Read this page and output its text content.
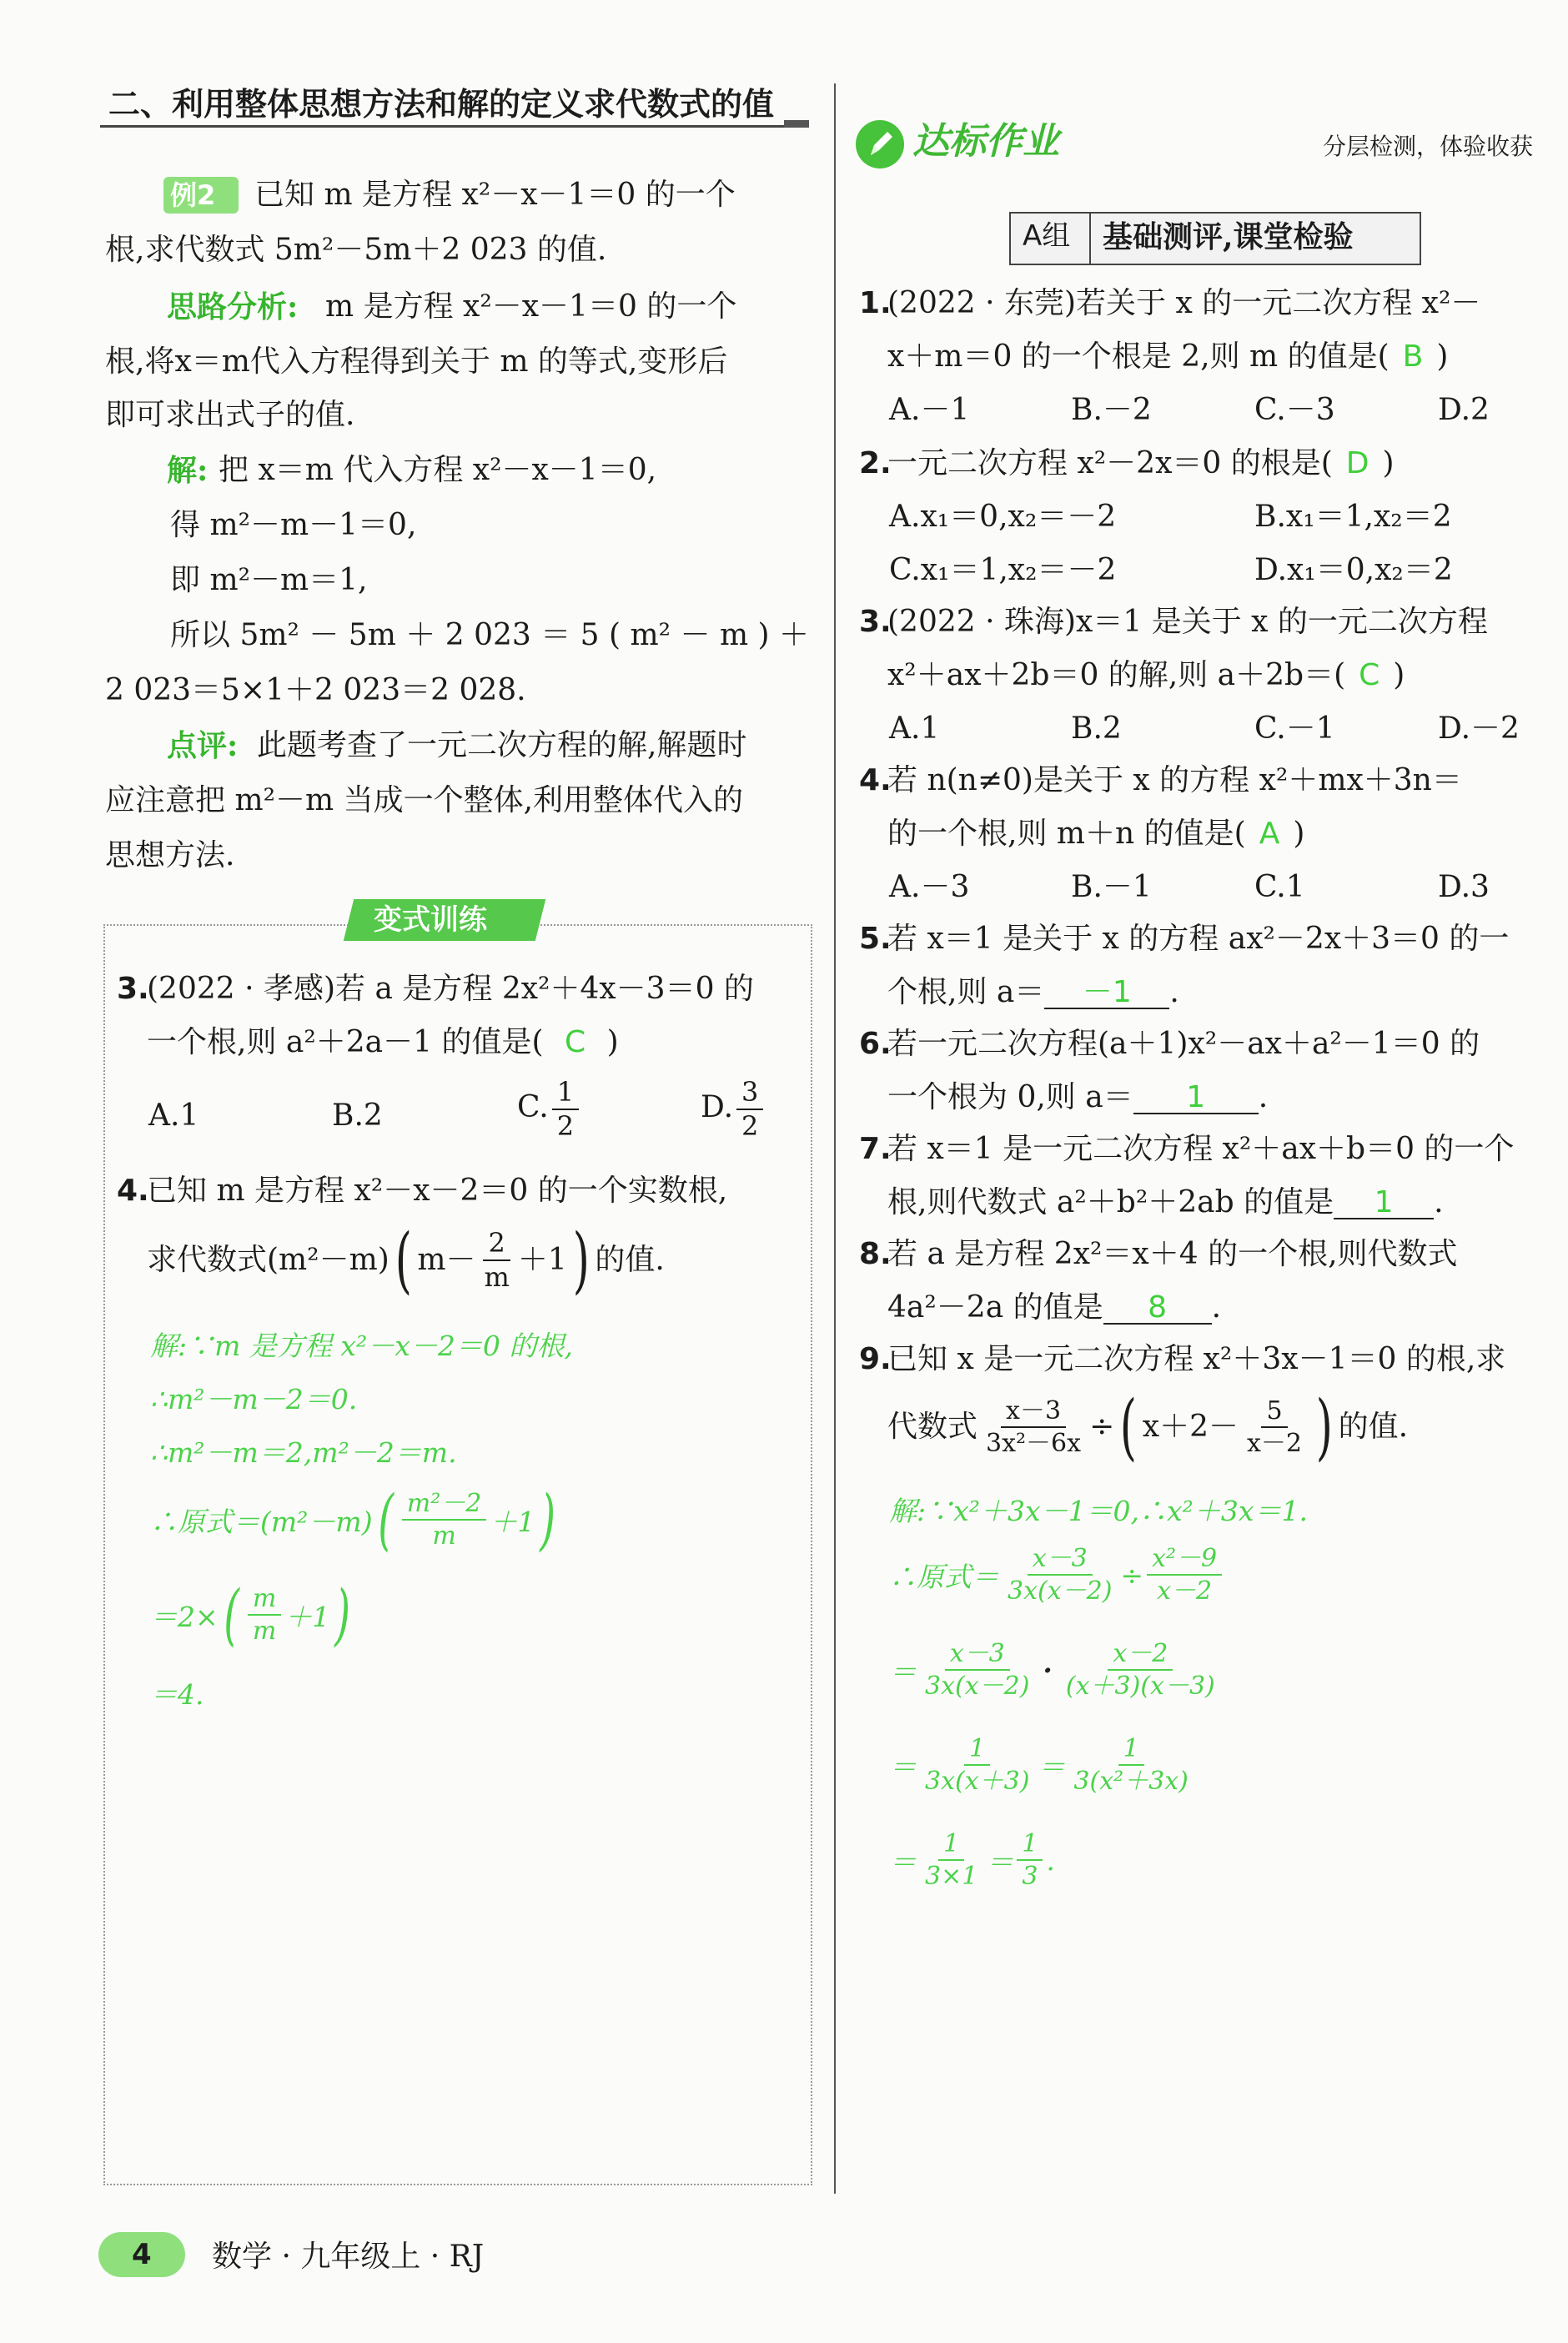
二、利用整体思想方法和解的定义求代数式的值
例2 已知 m 是方程 x²－x－1＝0 的一个
根,求代数式 5m²－5m＋2 023 的值.
思路分析: m 是方程 x²－x－1＝0 的一个
根,将x＝m代入方程得到关于 m 的等式,变形后
即可求出式子的值.
解: 把 x＝m 代入方程 x²－x－1＝0,
得 m²－m－1＝0,
即 m²－m＝1,
所以 5m² － 5m ＋ 2 023 ＝ 5 ( m² － m ) ＋
2 023＝5×1＋2 023＝2 028.
点评: 此题考查了一元二次方程的解,解题时
应注意把 m²－m 当成一个整体,利用整体代入的
思想方法.
变式训练
3.
(2022 · 孝感)若 a 是方程 2x²＋4x－3＝0 的
一个根,则 a²＋2a－1 的值是( C )
A.1	B.2	C. $\frac{1}{2}$	D. $\frac{3}{2}$
4.
已知 m 是方程 x²－x－2＝0 的一个实数根,
求代数式(m²－m) ( $m- \frac{2}{m} +1$ ) 的值.
解:∵m 是方程 x²－x－2＝0 的根,
∴m²－m－2＝0.
∴m²－m＝2,m²－2＝m.
∴原式＝(m²－m) ( $\frac{\text{m²－2}}{m} +1$ )
＝2× ( $\frac{m}{m} +1$ )
＝4.
4 数学 · 九年级上 · RJ
达标作业	分层检测，体验收获
A组 基础测评,课堂检验
1.
(2022 · 东莞)若关于 x 的一元二次方程 x²－
x＋m＝0 的一个根是 2,则 m 的值是( B )
A.－1	B.－2	C.－3	D.2
2.
一元二次方程 x²－2x＝0 的根是( D )
A.x₁＝0,x₂＝－2	B.x₁＝1,x₂＝2
C.x₁＝1,x₂＝－2	D.x₁＝0,x₂＝2
3.
(2022 · 珠海)x＝1 是关于 x 的一元二次方程
x²＋ax＋2b＝0 的解,则 a＋2b＝( C )
A.1	B.2	C.－1	D.－2
4.
若 n(n≠0)是关于 x 的方程 x²＋mx＋3n＝
的一个根,则 m＋n 的值是( A )
A.－3	B.－1	C.1	D.3
5.
若 x＝1 是关于 x 的方程 ax²－2x＋3＝0 的一
个根,则 a＝ －1 .
6.
若一元二次方程(a＋1)x²－ax＋a²－1＝0 的
一个根为 0,则 a＝ 1 .
7.
若 x＝1 是一元二次方程 x²＋ax＋b＝0 的一个
根,则代数式 a²＋b²＋2ab 的值是 1 .
8.
若 a 是方程 2x²＝x＋4 的一个根,则代数式
4a²－2a 的值是 8 .
9.
已知 x 是一元二次方程 x²＋3x－1＝0 的根,求
代数式 $\frac{x-3}{\text{3x²－6x}}$ ÷ ( $x+2- \frac{5}{x-2}$ ) 的值.
解:∵x²＋3x－1＝0,∴x²＋3x＝1.
∴原式＝ $\frac{x-3}{3x(x-2)} \div \frac{\text{x²－9}}{x-2}$
＝ $\frac{x-3}{3x(x-2)} \cdot \frac{x-2}{(x+3)(x-3)}$
＝ $\frac{1}{3x(x+3)} = \frac{1}{\text{3(x²＋3x)}}$
＝ $\frac{1}{3\times 1} = \frac{1}{3}$ .
